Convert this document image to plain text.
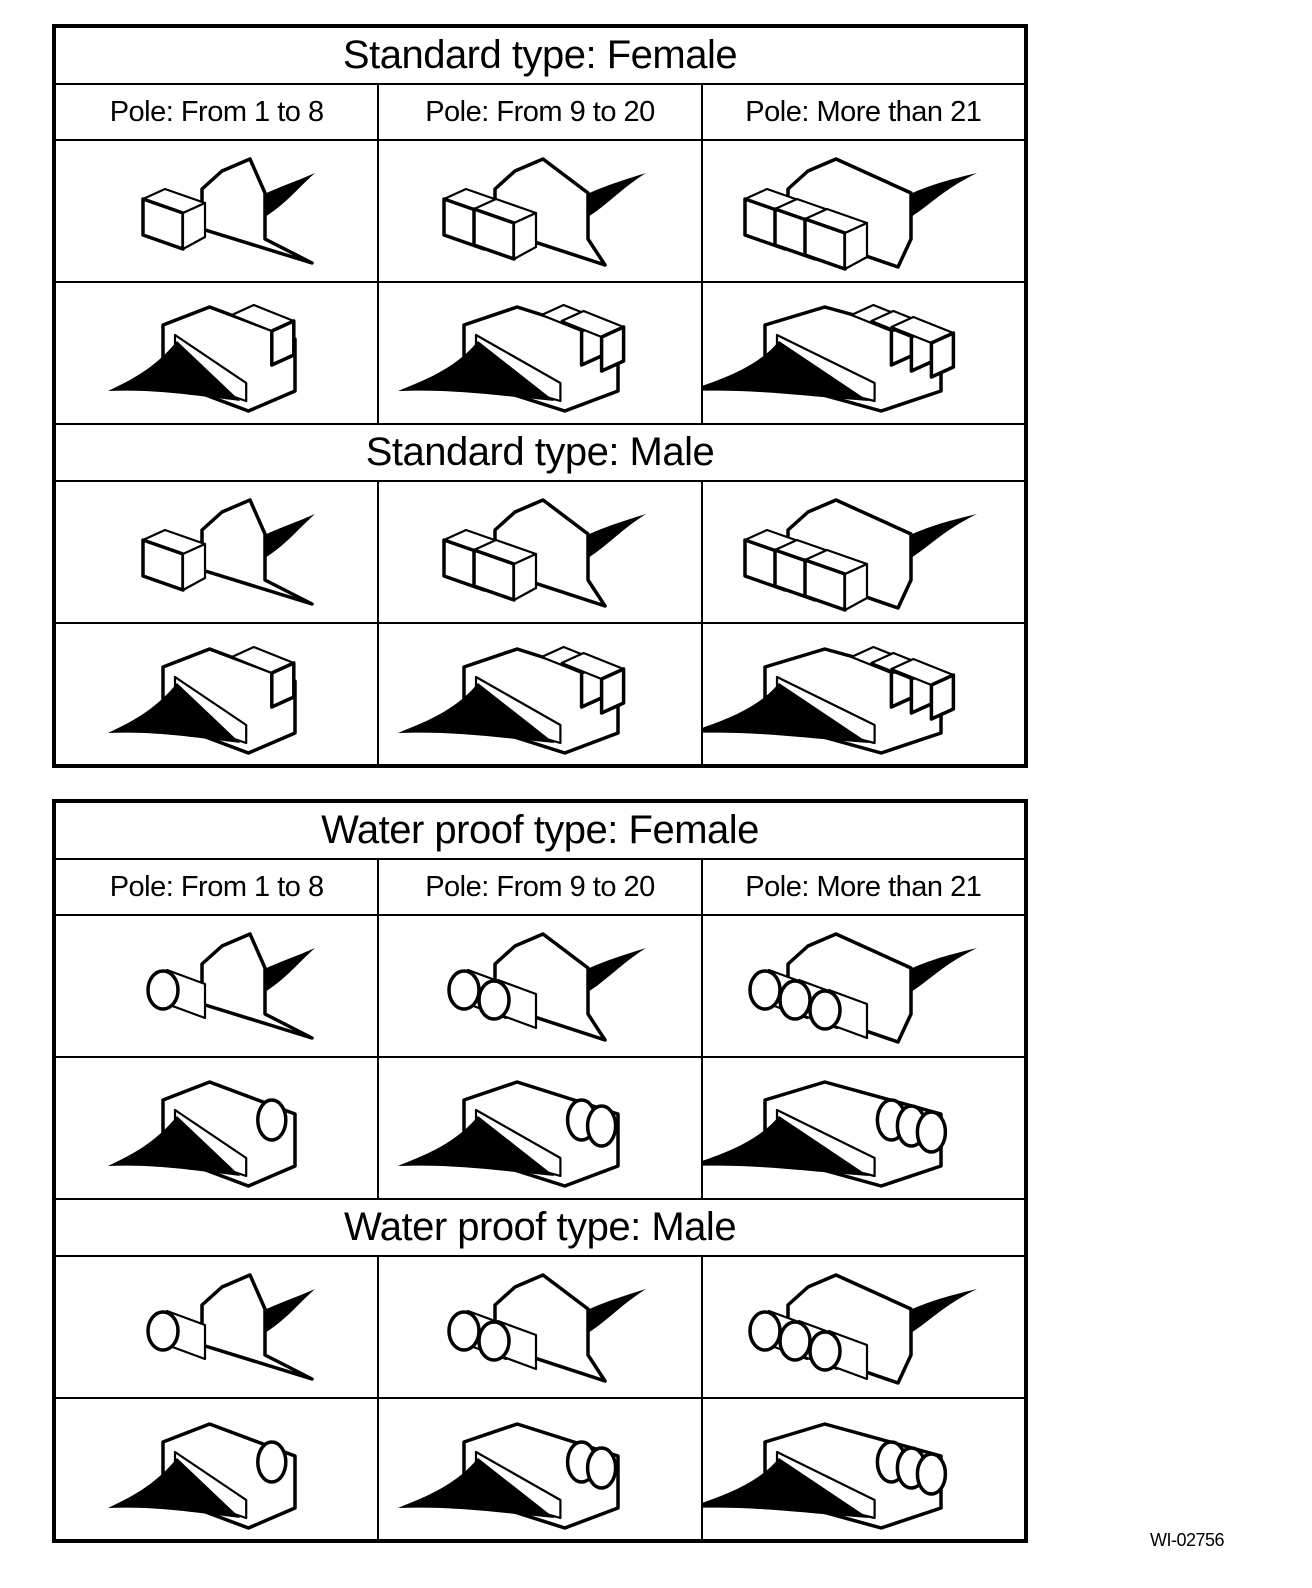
Standard type: Female
Pole: From 1 to 8	Pole: From 9 to 20	Pole: More than 21
Standard type: Male
Water proof type: Female
Pole: From 1 to 8	Pole: From 9 to 20	Pole: More than 21
Water proof type: Male
WI-02756
